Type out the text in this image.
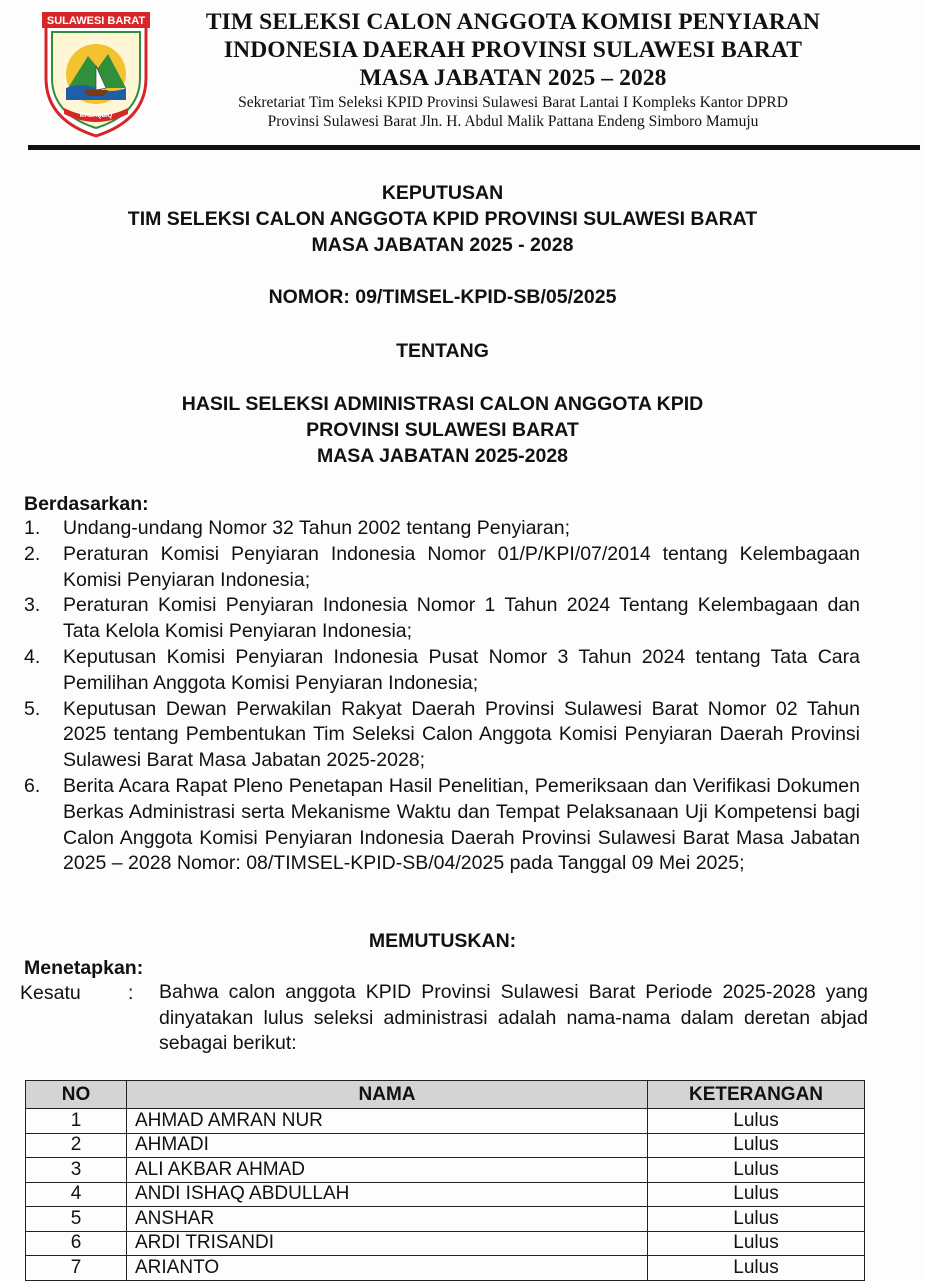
SULAWESI BARAT
MALAQBIQ
TIM SELEKSI CALON ANGGOTA KOMISI PENYIARAN
INDONESIA DAERAH PROVINSI SULAWESI BARAT
MASA JABATAN 2025 – 2028
Sekretariat Tim Seleksi KPID Provinsi Sulawesi Barat Lantai I Kompleks Kantor DPRD
Provinsi Sulawesi Barat Jln. H. Abdul Malik Pattana Endeng Simboro Mamuju
KEPUTUSAN
TIM SELEKSI CALON ANGGOTA KPID PROVINSI SULAWESI BARAT
MASA JABATAN 2025 - 2028
NOMOR: 09/TIMSEL-KPID-SB/05/2025
TENTANG
HASIL SELEKSI ADMINISTRASI CALON ANGGOTA KPID
PROVINSI SULAWESI BARAT
MASA JABATAN 2025-2028
Berdasarkan:
1. Undang-undang Nomor 32 Tahun 2002 tentang Penyiaran;
2. Peraturan Komisi Penyiaran Indonesia Nomor 01/P/KPI/07/2014 tentang Kelembagaan Komisi Penyiaran Indonesia;
3. Peraturan Komisi Penyiaran Indonesia Nomor 1 Tahun 2024 Tentang Kelembagaan dan Tata Kelola Komisi Penyiaran Indonesia;
4. Keputusan Komisi Penyiaran Indonesia Pusat Nomor 3 Tahun 2024 tentang Tata Cara Pemilihan Anggota Komisi Penyiaran Indonesia;
5. Keputusan Dewan Perwakilan Rakyat Daerah Provinsi Sulawesi Barat Nomor 02 Tahun 2025 tentang Pembentukan Tim Seleksi Calon Anggota Komisi Penyiaran Daerah Provinsi Sulawesi Barat Masa Jabatan 2025-2028;
6. Berita Acara Rapat Pleno Penetapan Hasil Penelitian, Pemeriksaan dan Verifikasi Dokumen Berkas Administrasi serta Mekanisme Waktu dan Tempat Pelaksanaan Uji Kompetensi bagi Calon Anggota Komisi Penyiaran Indonesia Daerah Provinsi Sulawesi Barat Masa Jabatan 2025 – 2028 Nomor: 08/TIMSEL-KPID-SB/04/2025 pada Tanggal 09 Mei 2025;
MEMUTUSKAN:
Menetapkan:
Kesatu : Bahwa calon anggota KPID Provinsi Sulawesi Barat Periode 2025-2028 yang dinyatakan lulus seleksi administrasi adalah nama-nama dalam deretan abjad sebagai berikut:
NO	NAMA	KETERANGAN
1	AHMAD AMRAN NUR	Lulus
2	AHMADI	Lulus
3	ALI AKBAR AHMAD	Lulus
4	ANDI ISHAQ ABDULLAH	Lulus
5	ANSHAR	Lulus
6	ARDI TRISANDI	Lulus
7	ARIANTO	Lulus
